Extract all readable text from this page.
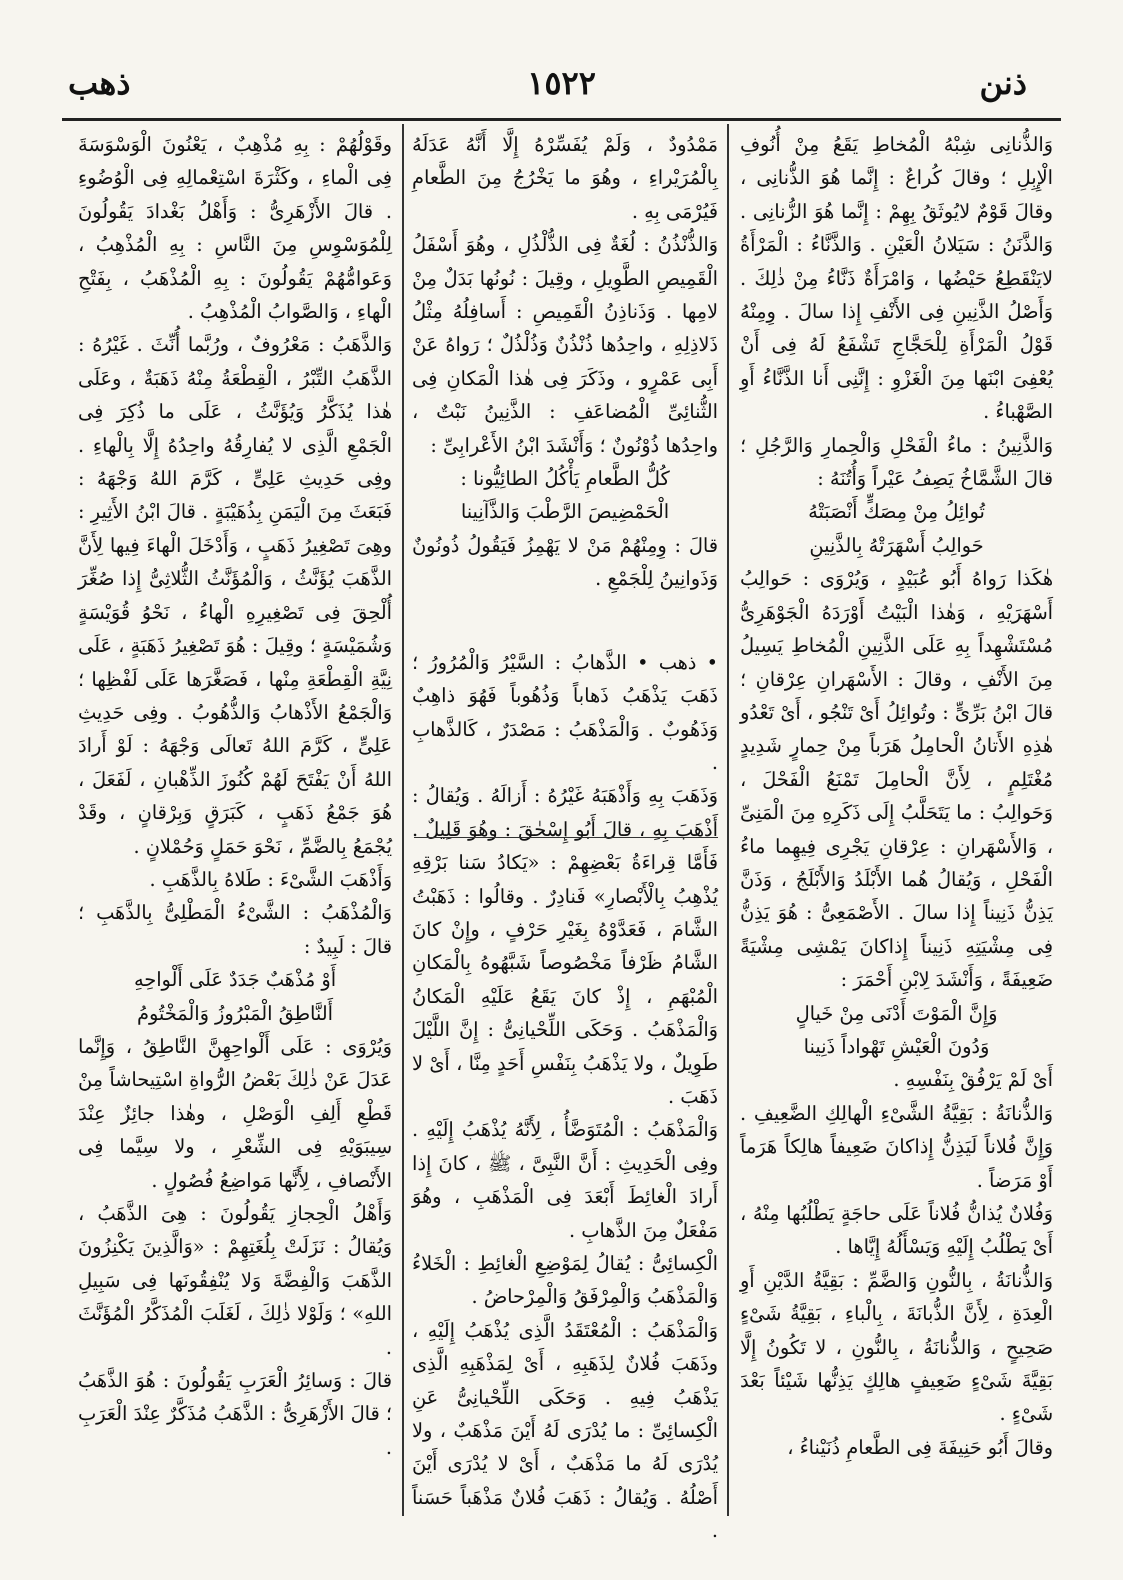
ذنن
١٥٢٢
ذهب

وَالذُّنانِى شِبْهُ الْمُخاطِ يَقَعُ مِنْ أُنُوفِ الْإِبِلِ ؛ وقالَ كُراعٌ : إِنَّما هُوَ الذُّنانِى ، وقالَ قَوْمٌ لايُوثَقُ بِهِمْ : إِنَّما هُوَ الزُّنانِى . وَالذَّنَنُ : سَيَلانُ الْعَيْنِ . وَالذَّنَّاءُ : الْمَرْأَةُ لايَنْقَطِعُ حَيْضُها ، وَامْرَأَةٌ ذَنَّاءُ مِنْ ذٰلِكَ . وَأَصْلُ الذَّنِينِ فِى الأَنْفِ إِذا سالَ . وِمِنْهُ قَوْلُ الْمَرْأَةِ لِلْحَجَّاجِ تَشْفَعُ لَهُ فِى أَنْ يُعْفِىَ ابْنَها مِنَ الْغَزْوِ : إِنَّنِى أَنا الذَّنَّاءُ أَوِ الصَّهْباءُ .

وَالذَّنِينُ : ماءُ الْفَحْلِ وَالْحِمارِ وَالرَّجُلِ ؛ قالَ الشَّمَّاخُ يَصِفُ عَيْراً وَأُتُنَهُ :

تُوائِلُ مِنْ مِصَكٍّ أَنْصَبَتْهُ

حَوالِبُ أَسْهَرَتْهُ بِالذَّنِينِ

هٰكَذا رَواهُ أَبُو عُبَيْدٍ ، وَيُرْوَى : حَوالِبُ أَسْهَرَيْهِ ، وَهٰذا الْبَيْتُ أَوْرَدَهُ الْجَوْهَرِىُّ مُسْتَشْهِداً بِهِ عَلَى الذَّنِينِ الْمُخاطِ يَسِيلُ مِنَ الأَنْفِ ، وقالَ : الأَسْهَرانِ عِرْقانِ ؛ قالَ ابْنُ بَرِّىٍّ : وتُوائِلُ أَىْ تَنْجُو ، أَىْ تَعْدُو هٰذِهِ الأَتانُ الْحامِلُ هَرَباً مِنْ حِمارٍ شَدِيدٍ مُغْتَلِمٍ ، لِأَنَّ الْحامِلَ تَمْنَعُ الْفَحْلَ ، وَحَوالِبُ : ما يَتَحَلَّبُ إِلَى ذَكَرِهِ مِنَ الْمَنِىِّ ، وَالأَسْهَرانِ : عِرْقانِ يَجْرِى فِيهِما ماءُ الْفَحْلِ ، وَيُقالُ هُما الأَبْلَدُ وَالأَبْلَجُ ، وَذَنَّ يَذِنُّ ذَنِيناً إِذا سالَ . الأَصْمَعِىُّ : هُوَ يَذِنُّ فِى مِشْيَتِهِ ذَنِيناً إِذاكانَ يَمْشِى مِشْيَةً ضَعِيفَةً ، وَأَنْشَدَ لِابْنِ أَحْمَرَ :

وَإِنَّ الْمَوْتَ أَدْنَى مِنْ خَيالٍ

وَدُونَ الْعَيْشِ تَهْواداً ذَنِينا

أَىْ لَمْ يَرْفُقْ بِنَفْسِهِ .

وَالذُّنانَةُ : بَقِيَّةُ الشَّىْءِ الْهالِكِ الضَّعِيفِ . وَإِنَّ فُلاناً لَيَذِنُّ إِذاكانَ ضَعِيفاً هالِكاً هَرَماً أَوْ مَرَضاً .

وَفُلانٌ يُذانُّ فُلاناً عَلَى حاجَةٍ يَطْلُبُها مِنْهُ ، أَىْ يَطْلُبُ إِلَيْهِ وَيَسْأَلُهُ إِيَّاها .

وَالذُّنانَةُ ، بِالنُّونِ وَالضَّمِّ : بَقِيَّةُ الدَّيْنِ أَوِ الْعِدَةِ ، لِأَنَّ الذُّبانَةَ ، بِالْباءِ ، بَقِيَّةُ شَىْءٍ صَحِيحٍ ، وَالذُّنانَةُ ، بِالنُّونِ ، لا تَكُونُ إِلَّا بَقِيَّةَ شَىْءٍ ضَعِيفٍ هالِكٍ يَذِنُّها شَيْئاً بَعْدَ شَىْءٍ .

وقالَ أَبُو حَنِيفَةَ فِى الطَّعامِ ذُنَيْناءُ ،

مَمْدُودٌ ، وَلَمْ يُفَسِّرْهُ إِلَّا أَنَّهُ عَدَلَهُ بِالْمُرَيْراءِ ، وهُوَ ما يَخْرُجُ مِنَ الطَّعامِ فَيُرْمَى بِهِ .

وَالذُّنْذُنُ : لُغَةٌ فِى الذُّلْذُلِ ، وهُوَ أَسْفَلُ الْقَمِيصِ الطَّوِيلِ ، وقِيلَ : نُونُها بَدَلٌ مِنْ لامِها . وَذَناذِنُ الْقَمِيصِ : أَسافِلُهُ مِثْلُ ذَلاذِلِهِ ، واحِدُها ذُنْذُنٌ وَذُلْذُلٌ ؛ رَواهُ عَنْ أَبِى عَمْرٍو ، وذَكَرَ فِى هٰذا الْمَكانِ فِى الثُّنائِىِّ الْمُضاعَفِ : الذَّنِينُ نَبْتٌ ، واحِدُها ذُوْنُونٌ ؛ وَأَنْشَدَ ابْنُ الأَعْرابِىِّ :

كُلُّ الطَّعامِ يَأْكُلُ الطائِيُّونا :

الْحَمْضِيصَ الرَّطْبَ وَالذَّآنِينا

قالَ : وِمِنْهُمْ مَنْ لا يَهْمِزُ فَيَقُولُ ذُونُونٌ وَذَوانِينُ لِلْجَمْعِ .

• ذهب • الذَّهابُ : السَّيْرُ وَالْمُرُورُ ؛ ذَهَبَ يَذْهَبُ ذَهاباً وَذُهُوباً فَهُوَ ذاهِبٌ وَذَهُوبٌ . وَالْمَذْهَبُ : مَصْدَرٌ ، كَالذَّهابِ .

وَذَهَبَ بِهِ وَأَذْهَبَهُ غَيْرُهُ : أَزالَهُ . وَيُقالُ : أَذْهَبَ بِهِ ، قالَ أَبُو إِسْحٰقَ : وهُوَ قَلِيلٌ . فَأَمَّا قِراءَةُ بَعْضِهِمْ : «يَكادُ سَنا بَرْقِهِ يُذْهِبُ بِالْأَبْصارِ» فَنادِرٌ . وقالُوا : ذَهَبْتُ الشَّامَ ، فَعَدَّوْهُ بِغَيْرِ حَرْفٍ ، وإِنْ كانَ الشَّامُ ظَرْفاً مَخْصُوصاً شَبَّهُوهُ بِالْمَكانِ الْمُبْهَمِ ، إِذْ كانَ يَقَعُ عَلَيْهِ الْمَكانُ وَالْمَذْهَبُ . وَحَكَى اللِّحْيانِىُّ : إِنَّ اللَّيْلَ طَوِيلٌ ، ولا يَذْهَبُ بِنَفْسِ أَحَدٍ مِنَّا ، أَىْ لا ذَهَبَ .

وَالْمَذْهَبُ : الْمُتَوَضَّأُ ، لِأَنَّهُ يُذْهَبُ إِلَيْهِ . وفِى الْحَدِيثِ : أَنَّ النَّبِىَّ ، ﷺ ، كانَ إِذا أَرادَ الْغائِطَ أَبْعَدَ فِى الْمَذْهَبِ ، وهُوَ مَفْعَلٌ مِنَ الذَّهابِ .

الْكِسائِىُّ : يُقالُ لِمَوْضِعِ الْغائِطِ : الْخَلاءُ وَالْمَذْهَبُ وَالْمِرْفَقُ وَالْمِرْحاضُ .

وَالْمَذْهَبُ : الْمُعْتَقَدُ الَّذِى يُذْهَبُ إِلَيْهِ ، وذَهَبَ فُلانٌ لِذَهَبِهِ ، أَىْ لِمَذْهَبِهِ الَّذِى يَذْهَبُ فِيهِ . وَحَكَى اللِّحْيانِىُّ عَنِ الْكِسائِىِّ : ما يُدْرَى لَهُ أَيْنَ مَذْهَبٌ ، ولا يُدْرَى لَهُ ما مَذْهَبٌ ، أَىْ لا يُدْرَى أَيْنَ أَصْلُهُ . وَيُقالُ : ذَهَبَ فُلانٌ مَذْهَباً حَسَناً .

وقَوْلُهُمْ : بِهِ مُذْهِبٌ ، يَعْنُونَ الْوَسْوَسَةَ فِى الْماءِ ، وكَثْرَةَ اسْتِعْمالِهِ فِى الْوُضُوءِ . قالَ الأَزْهَرِىُّ : وَأَهْلُ بَغْدادَ يَقُولُونَ لِلْمُوَسْوِسِ مِنَ النَّاسِ : بِهِ الْمُذْهِبُ ، وَعَوامُّهُمْ يَقُولُونَ : بِهِ الْمُذْهَبُ ، بِفَتْحِ الْهاءِ ، وَالصَّوابُ الْمُذْهِبُ .

وَالذَّهَبُ : مَعْرُوفٌ ، ورُبَّما أُنِّثَ . غَيْرُهُ : الذَّهَبُ التِّبْرُ ، الْقِطْعَةُ مِنْهُ ذَهَبَةٌ ، وعَلَى هٰذا يُذَكَّرُ وَيُؤَنَّثُ ، عَلَى ما ذُكِرَ فِى الْجَمْعِ الَّذِى لا يُفارِقُهُ واحِدُهُ إِلَّا بِالْهاءِ . وفِى حَدِيثِ عَلِىٍّ ، كَرَّمَ اللهُ وَجْهَهُ : فَبَعَثَ مِنَ الْيَمَنِ بِذُهَيْبَةٍ . قالَ ابْنُ الأَثِيرِ : وهِىَ تَصْغِيرُ ذَهَبٍ ، وَأَدْخَلَ الْهاءَ فِيها لِأَنَّ الذَّهَبَ يُؤَنَّثُ ، وَالْمُؤَنَّثُ الثُّلاثِىُّ إِذا صُغِّرَ أُلْحِقَ فِى تَصْغِيرِهِ الْهاءُ ، نَحْوُ قُوَيْسَةٍ وَشُمَيْسَةٍ ؛ وقِيلَ : هُوَ تَصْغِيرُ ذَهَبَةٍ ، عَلَى نِيَّةِ الْقِطْعَةِ مِنْها ، فَصَغَّرَها عَلَى لَفْظِها ؛ وَالْجَمْعُ الأَذْهابُ وَالذُّهُوبُ . وفِى حَدِيثِ عَلِىٍّ ، كَرَّمَ اللهُ تَعالَى وَجْهَهُ : لَوْ أَرادَ اللهُ أَنْ يَفْتَحَ لَهُمْ كُنُوزَ الذِّهْبانِ ، لَفَعَلَ ، هُوَ جَمْعُ ذَهَبٍ ، كَبَرَقٍ وَبِرْقانٍ ، وقَدْ يُجْمَعُ بِالضَّمِّ ، نَحْوَ حَمَلٍ وَحُمْلانٍ .

وَأَذْهَبَ الشَّىْءَ : طَلاهُ بِالذَّهَبِ .

وَالْمُذْهَبُ : الشَّىْءُ الْمَطْلِىُّ بِالذَّهَبِ ؛ قالَ : لَبِيدٌ :

أَوْ مُذْهَبٌ جَدَدٌ عَلَى أَلْواحِهِ

أَلنَّاطِقُ الْمَبْرُوزُ وَالْمَخْتُومُ

وَيُرْوَى : عَلَى أَلْواحِهِنَّ النَّاطِقُ ، وَإِنَّما عَدَلَ عَنْ ذٰلِكَ بَعْضُ الرُّواةِ اسْتِيحاشاً مِنْ قَطْعِ أَلِفِ الْوَصْلِ ، وهٰذا جائِزٌ عِنْدَ سِيبَوَيْهِ فِى الشِّعْرِ ، ولا سِيَّما فِى الأَنْصافِ ، لِأَنَّها مَواضِعُ فُصُولٍ .

وَأَهْلُ الْحِجازِ يَقُولُونَ : هِىَ الذَّهَبُ ، وَيُقالُ : نَزَلَتْ بِلُغَتِهِمْ : «وَالَّذِينَ يَكْنِزُونَ الذَّهَبَ وَالْفِضَّةَ وَلا يُنْفِقُونَها فِى سَبِيلِ اللهِ» ؛ وَلَوْلا ذٰلِكَ ، لَغَلَبَ الْمُذَكَّرُ الْمُؤَنَّثَ .

قالَ : وَسائِرُ الْعَرَبِ يَقُولُونَ : هُوَ الذَّهَبُ ؛ قالَ الأَزْهَرِىُّ : الذَّهَبُ مُذَكَّرٌ عِنْدَ الْعَرَبِ .
